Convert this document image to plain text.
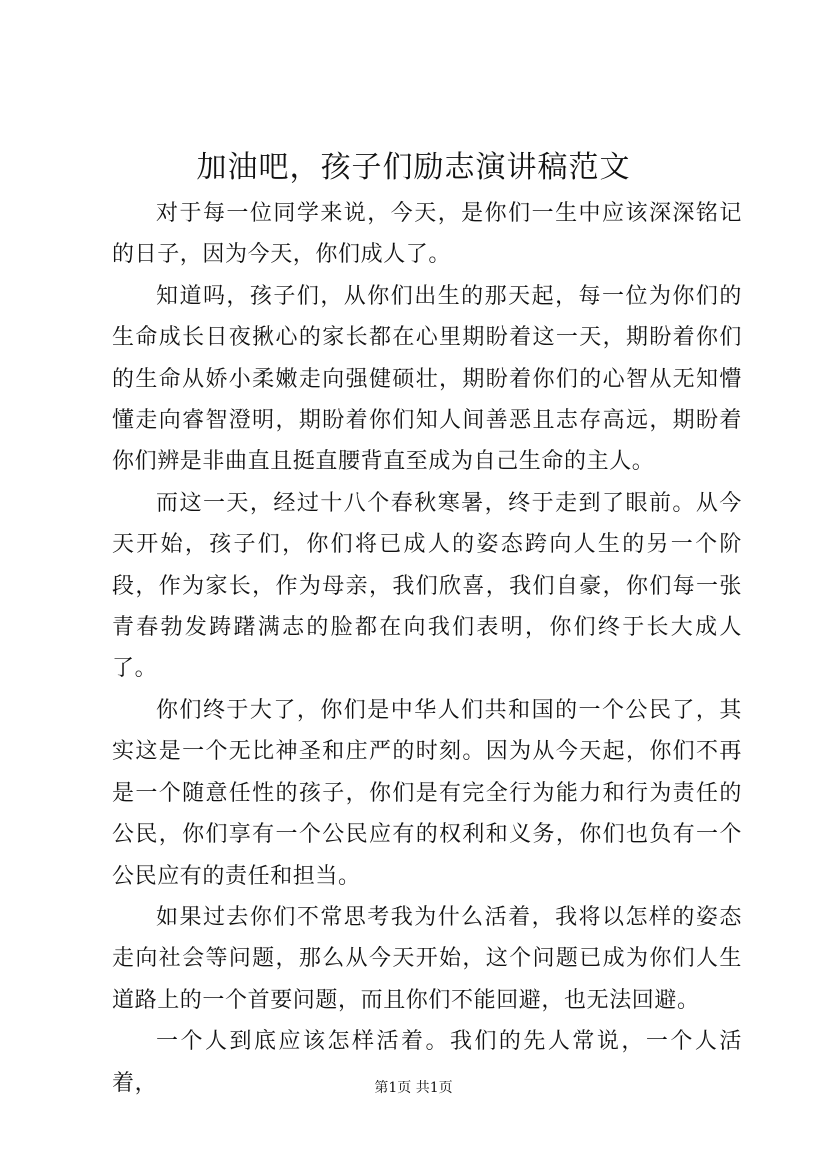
加油吧，孩子们励志演讲稿范文

对于每一位同学来说，今天，是你们一生中应该深深铭记的日子，因为今天，你们成人了。

知道吗，孩子们，从你们出生的那天起，每一位为你们的生命成长日夜揪心的家长都在心里期盼着这一天，期盼着你们的生命从娇小柔嫩走向强健硕壮，期盼着你们的心智从无知懵懂走向睿智澄明，期盼着你们知人间善恶且志存高远，期盼着你们辨是非曲直且挺直腰背直至成为自己生命的主人。

而这一天，经过十八个春秋寒暑，终于走到了眼前。从今天开始，孩子们，你们将已成人的姿态跨向人生的另一个阶段，作为家长，作为母亲，我们欣喜，我们自豪，你们每一张青春勃发踌躇满志的脸都在向我们表明，你们终于长大成人了。

你们终于大了，你们是中华人们共和国的一个公民了，其实这是一个无比神圣和庄严的时刻。因为从今天起，你们不再是一个随意任性的孩子，你们是有完全行为能力和行为责任的公民，你们享有一个公民应有的权利和义务，你们也负有一个公民应有的责任和担当。

如果过去你们不常思考我为什么活着，我将以怎样的姿态走向社会等问题，那么从今天开始，这个问题已成为你们人生道路上的一个首要问题，而且你们不能回避，也无法回避。

一个人到底应该怎样活着。我们的先人常说，一个人活着，	第1页 共1页
